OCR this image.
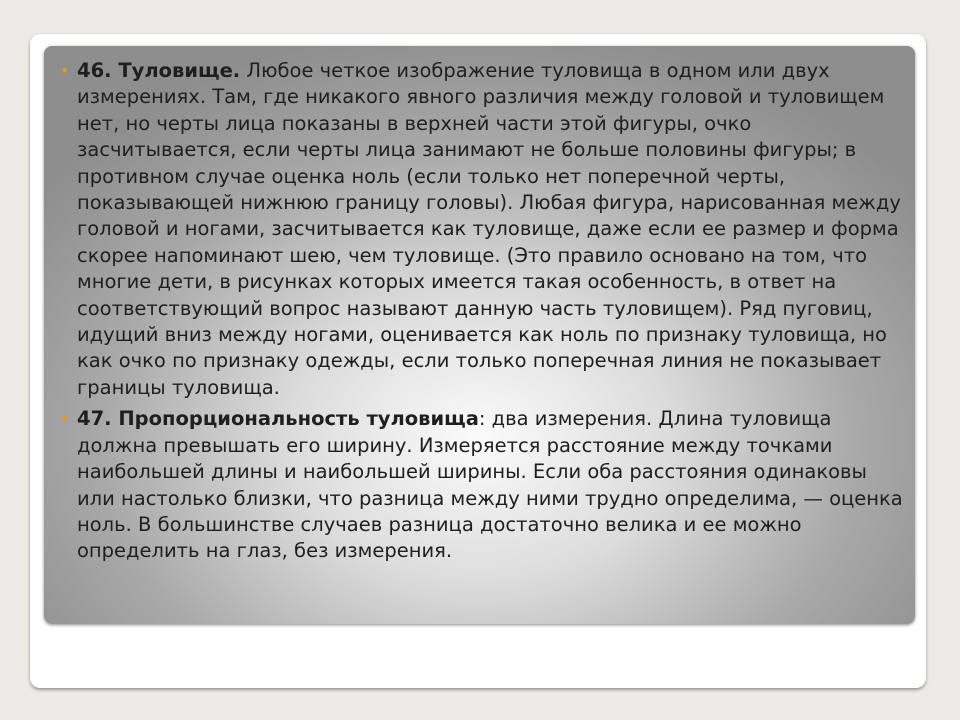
• 46. Туловище. Любое четкое изображение туловища в одном или двух измерениях. Там, где никакого явного различия между головой и туловищем нет, но черты лица показаны в верхней части этой фигуры, очко засчитывается, если черты лица занимают не больше половины фигуры; в противном случае оценка ноль (если только нет поперечной черты, показывающей нижнюю границу головы). Любая фигура, нарисованная между головой и ногами, засчитывается как туловище, даже если ее размер и форма скорее напоминают шею, чем туловище. (Это правило основано на том, что многие дети, в рисунках которых имеется такая особенность, в ответ на соответствующий вопрос называют данную часть туловищем). Ряд пуговиц, идущий вниз между ногами, оценивается как ноль по признаку туловища, но как очко по признаку одежды, если только поперечная линия не показывает границы туловища.
• 47. Пропорциональность туловища: два измерения. Длина туловища должна превышать его ширину. Измеряется расстояние между точками наибольшей длины и наибольшей ширины. Если оба расстояния одинаковы или настолько близки, что разница между ними трудно определима, — оценка ноль. В большинстве случаев разница достаточно велика и ее можно определить на глаз, без измерения.
